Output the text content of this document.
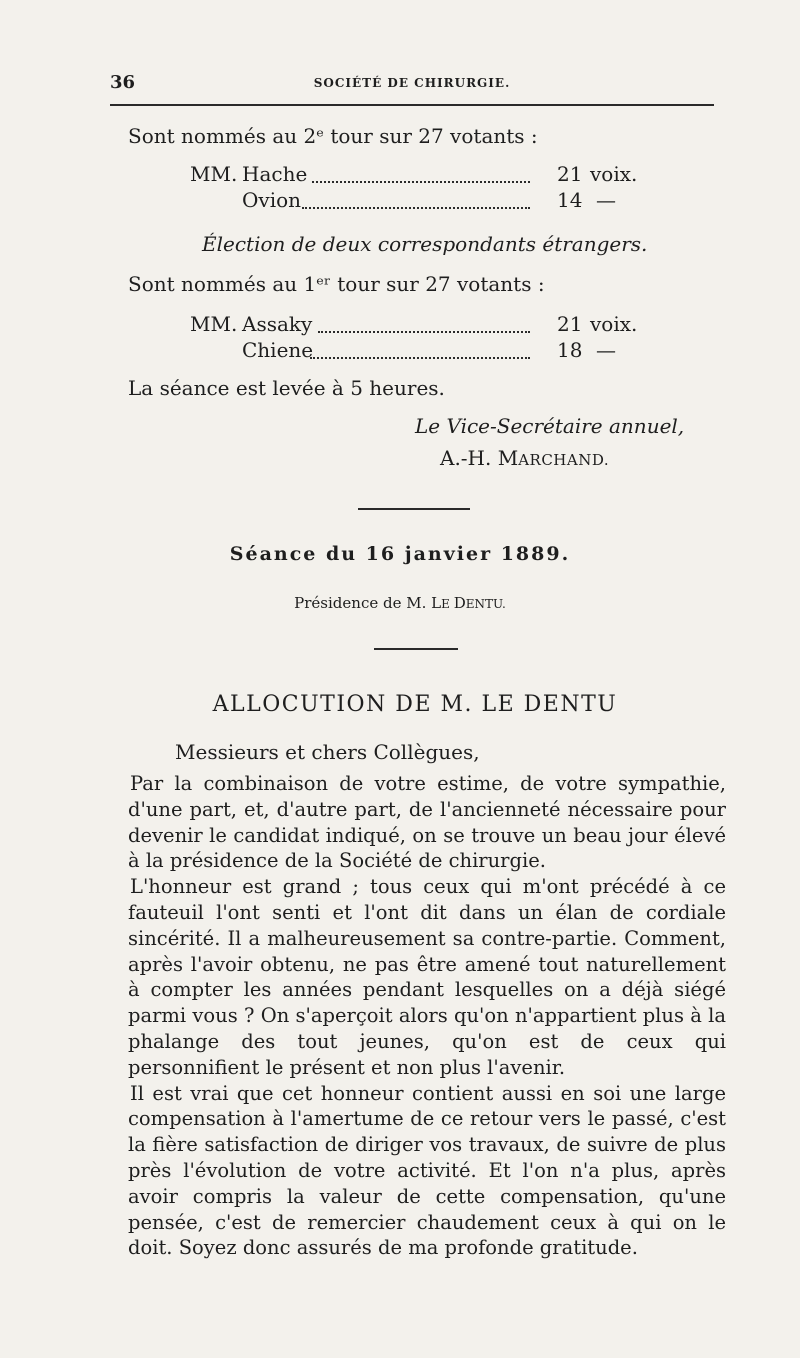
36	SOCIÉTÉ DE CHIRURGIE.
Sont nommés au 2ᵉ tour sur 27 votants :
MM. Hache	21 voix.
Ovion	14 —
Élection de deux correspondants étrangers.
Sont nommés au 1ᵉʳ tour sur 27 votants :
MM. Assaky	21 voix.
Chiene	18 —
La séance est levée à 5 heures.
Le Vice-Secrétaire annuel,
A.-H. MARCHAND.
Séance du 16 janvier 1889.
Présidence de M. LE DENTU.
ALLOCUTION DE M. LE DENTU
Messieurs et chers Collègues,

Par la combinaison de votre estime, de votre sympathie, d'une part, et, d'autre part, de l'ancienneté nécessaire pour devenir le candidat indiqué, on se trouve un beau jour élevé à la présidence de la Société de chirurgie.

L'honneur est grand ; tous ceux qui m'ont précédé à ce fauteuil l'ont senti et l'ont dit dans un élan de cordiale sincérité. Il a malheureusement sa contre-partie. Comment, après l'avoir obtenu, ne pas être amené tout naturellement à compter les années pendant lesquelles on a déjà siégé parmi vous ? On s'aperçoit alors qu'on n'appartient plus à la phalange des tout jeunes, qu'on est de ceux qui personnifient le présent et non plus l'avenir.

Il est vrai que cet honneur contient aussi en soi une large compensation à l'amertume de ce retour vers le passé, c'est la fière satisfaction de diriger vos travaux, de suivre de plus près l'évolution de votre activité. Et l'on n'a plus, après avoir compris la valeur de cette compensation, qu'une pensée, c'est de remercier chaudement ceux à qui on le doit. Soyez donc assurés de ma profonde gratitude.
